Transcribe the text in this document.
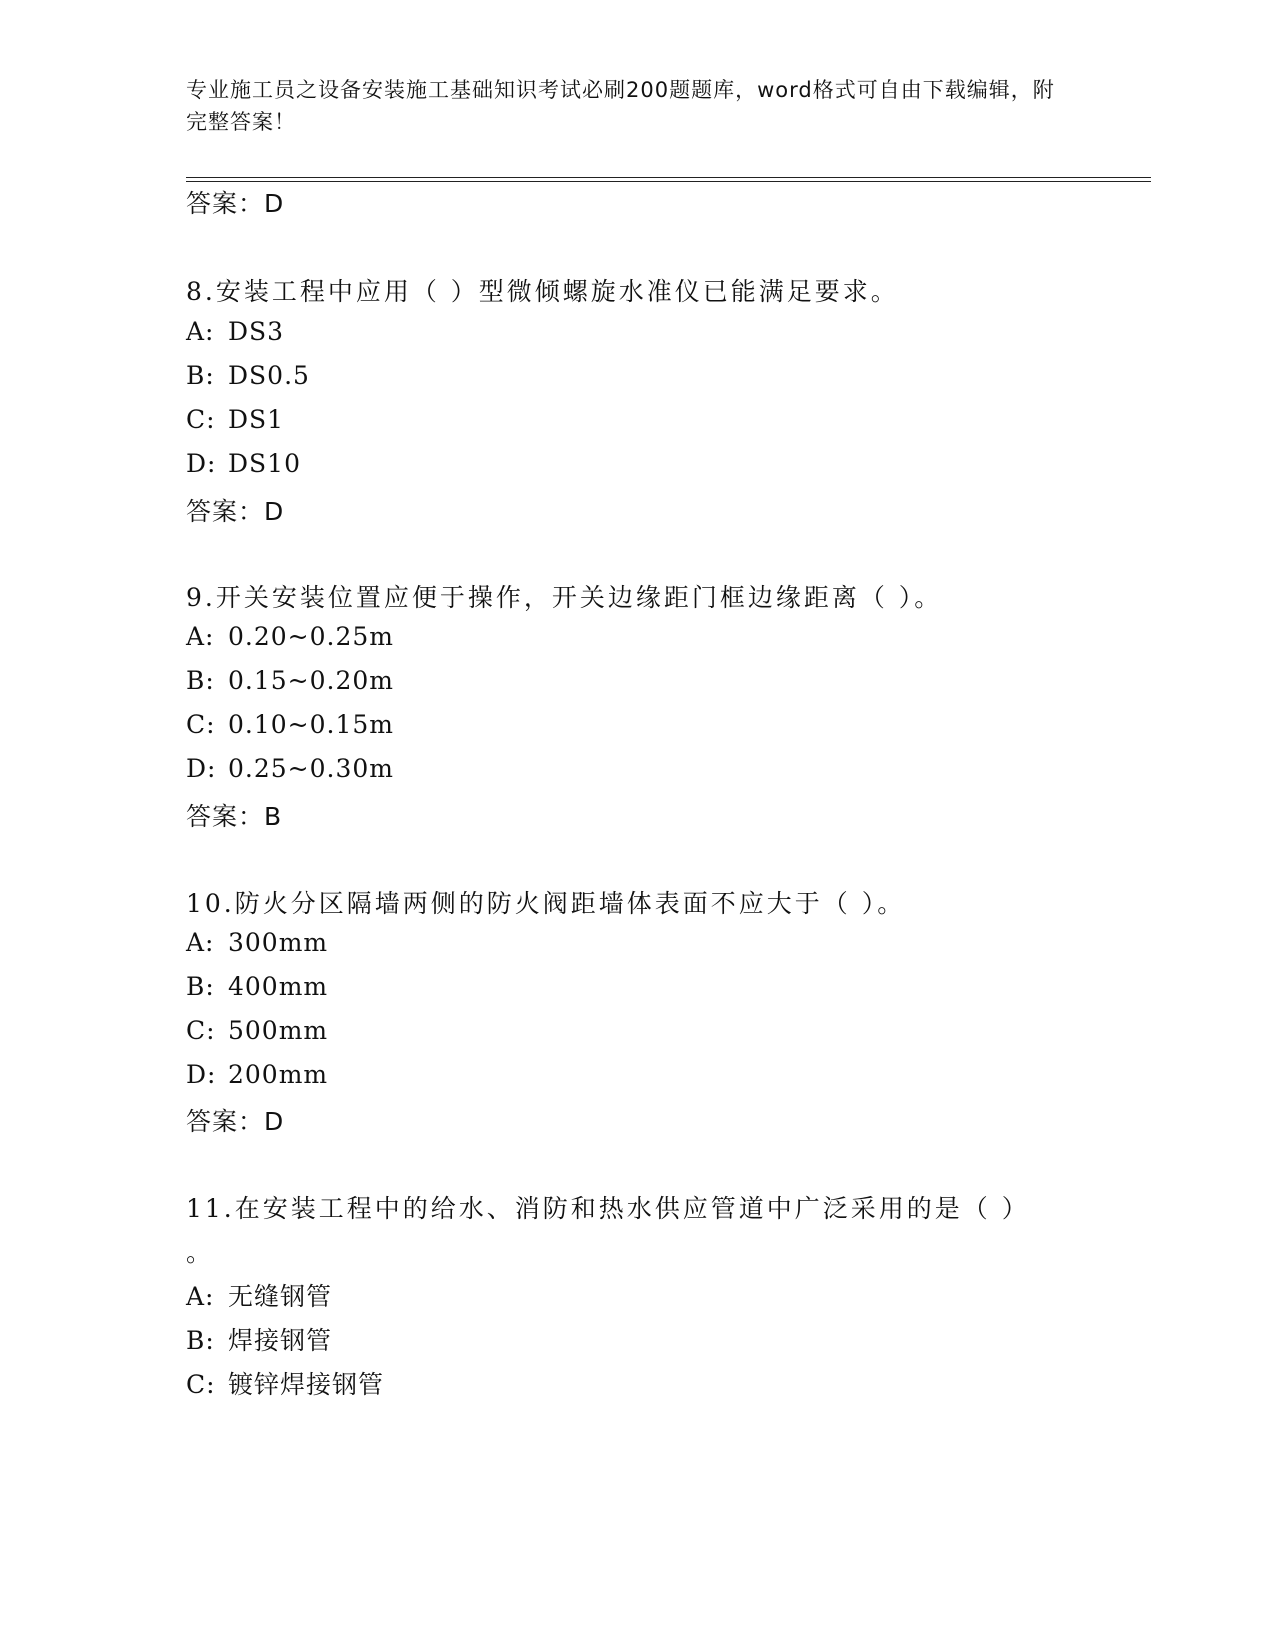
专业施工员之设备安装施工基础知识考试必刷200题题库，word格式可自由下载编辑，附完整答案！
答案：D
8.安装工程中应用（ ）型微倾螺旋水准仪已能满足要求。
A: DS3
B: DS0.5
C: DS1
D: DS10
答案：D
9.开关安装位置应便于操作，开关边缘距门框边缘距离（ ）。
A: 0.20~0.25m
B: 0.15~0.20m
C: 0.10~0.15m
D: 0.25~0.30m
答案：B
10.防火分区隔墙两侧的防火阀距墙体表面不应大于（ ）。
A: 300mm
B: 400mm
C: 500mm
D: 200mm
答案：D
11.在安装工程中的给水、消防和热水供应管道中广泛采用的是（ ）
。
A: 无缝钢管
B: 焊接钢管
C: 镀锌焊接钢管
